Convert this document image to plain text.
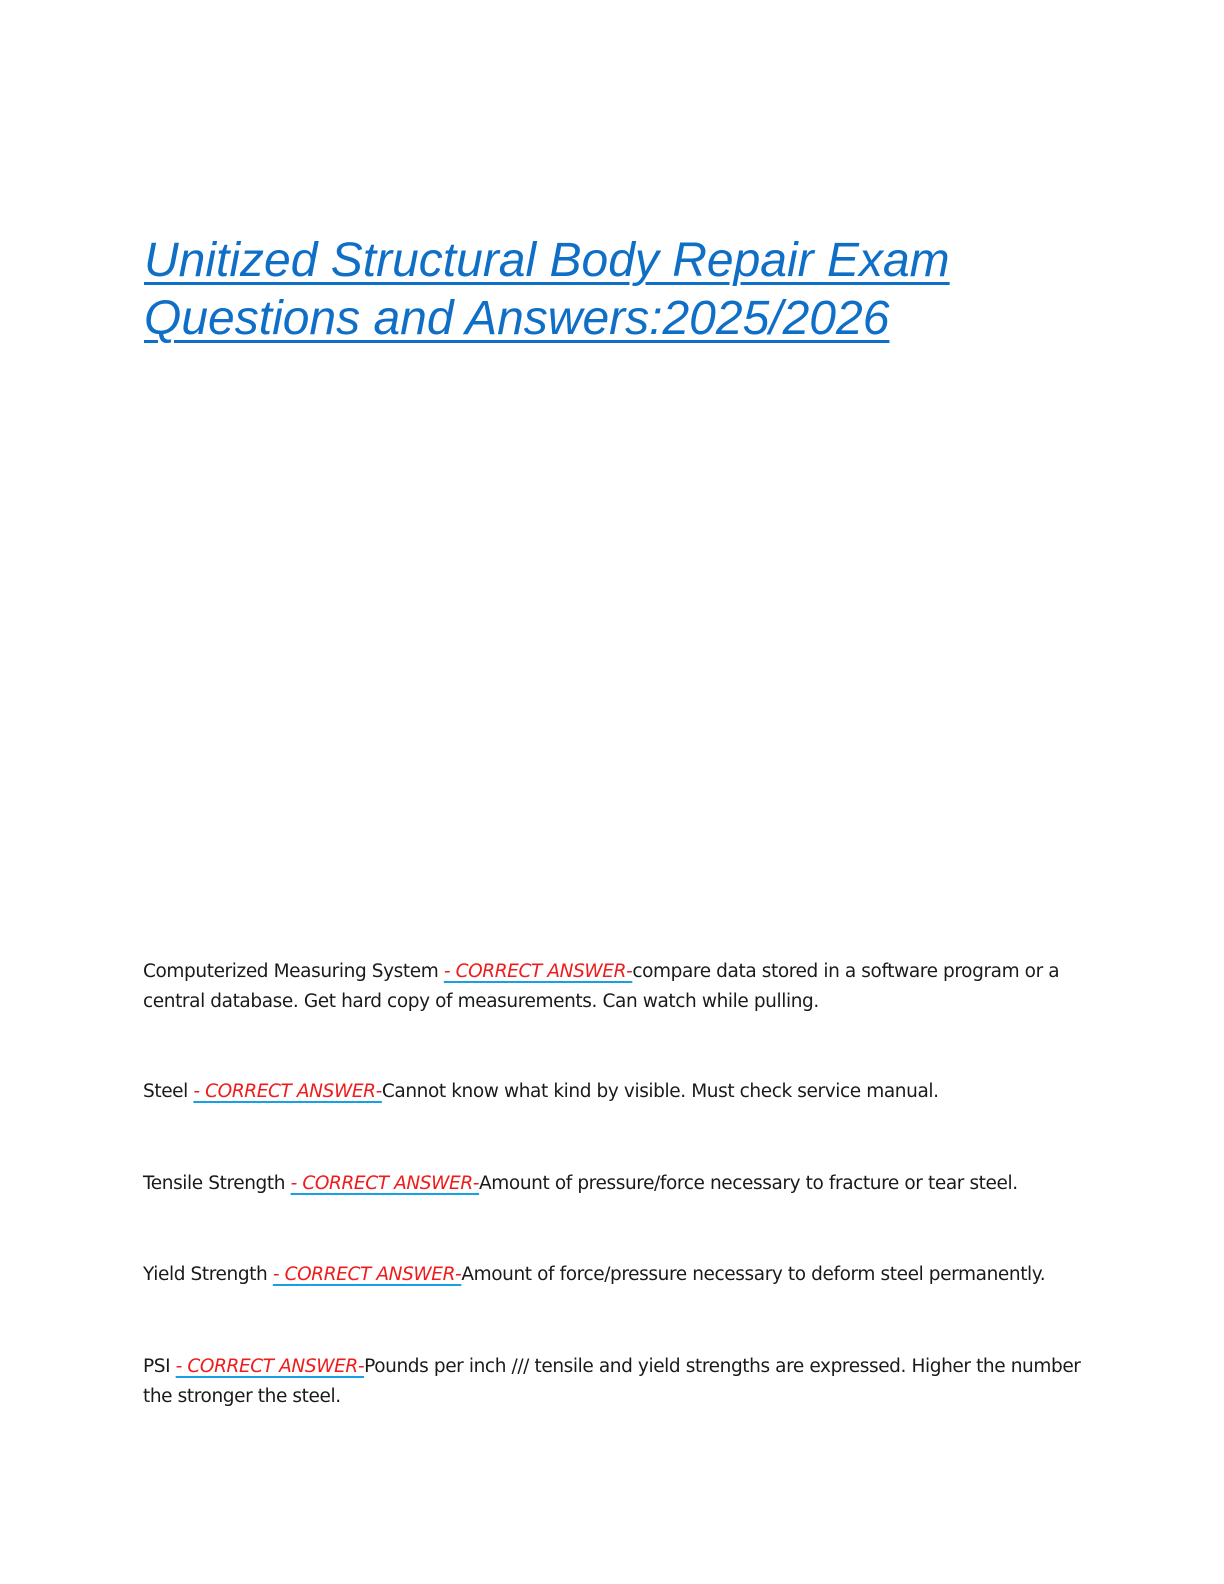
Unitized Structural Body Repair Exam
Questions and Answers:2025/2026

Computerized Measuring System - CORRECT ANSWER-compare data stored in a software program or a central database. Get hard copy of measurements. Can watch while pulling.

Steel - CORRECT ANSWER-Cannot know what kind by visible. Must check service manual.

Tensile Strength - CORRECT ANSWER-Amount of pressure/force necessary to fracture or tear steel.

Yield Strength - CORRECT ANSWER-Amount of force/pressure necessary to deform steel permanently.

PSI - CORRECT ANSWER-Pounds per inch /// tensile and yield strengths are expressed. Higher the number the stronger the steel.
